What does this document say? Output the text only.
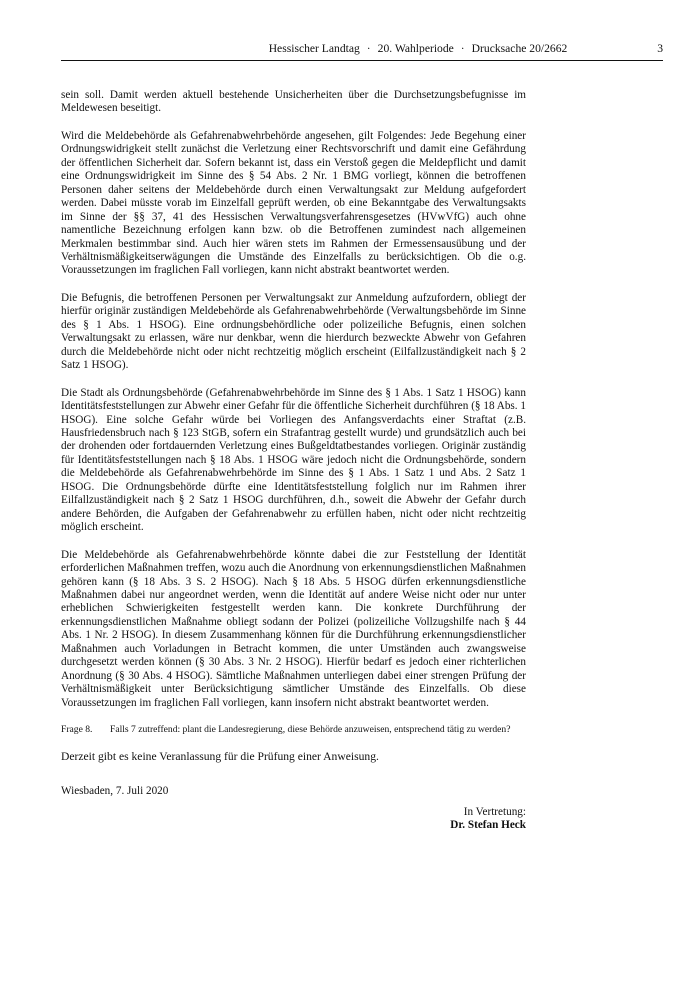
Hessischer Landtag · 20. Wahlperiode · Drucksache 20/2662	3

sein soll. Damit werden aktuell bestehende Unsicherheiten über die Durchsetzungsbefugnisse im Meldewesen beseitigt.

Wird die Meldebehörde als Gefahrenabwehrbehörde angesehen, gilt Folgendes: Jede Begehung einer Ordnungswidrigkeit stellt zunächst die Verletzung einer Rechtsvorschrift und damit eine Gefährdung der öffentlichen Sicherheit dar. Sofern bekannt ist, dass ein Verstoß gegen die Meldepflicht und damit eine Ordnungswidrigkeit im Sinne des § 54 Abs. 2 Nr. 1 BMG vorliegt, können die betroffenen Personen daher seitens der Meldebehörde durch einen Verwaltungsakt zur Meldung aufgefordert werden. Dabei müsste vorab im Einzelfall geprüft werden, ob eine Bekanntgabe des Verwaltungsakts im Sinne der §§ 37, 41 des Hessischen Verwaltungsverfahrensgesetzes (HVwVfG) auch ohne namentliche Bezeichnung erfolgen kann bzw. ob die Betroffenen zumindest nach allgemeinen Merkmalen bestimmbar sind. Auch hier wären stets im Rahmen der Ermessensausübung und der Verhältnismäßigkeitserwägungen die Umstände des Einzelfalls zu berücksichtigen. Ob die o.g. Voraussetzungen im fraglichen Fall vorliegen, kann nicht abstrakt beantwortet werden.

Die Befugnis, die betroffenen Personen per Verwaltungsakt zur Anmeldung aufzufordern, obliegt der hierfür originär zuständigen Meldebehörde als Gefahrenabwehrbehörde (Verwaltungsbehörde im Sinne des § 1 Abs. 1 HSOG). Eine ordnungsbehördliche oder polizeiliche Befugnis, einen solchen Verwaltungsakt zu erlassen, wäre nur denkbar, wenn die hierdurch bezweckte Abwehr von Gefahren durch die Meldebehörde nicht oder nicht rechtzeitig möglich erscheint (Eilfallzuständigkeit nach § 2 Satz 1 HSOG).

Die Stadt als Ordnungsbehörde (Gefahrenabwehrbehörde im Sinne des § 1 Abs. 1 Satz 1 HSOG) kann Identitätsfeststellungen zur Abwehr einer Gefahr für die öffentliche Sicherheit durchführen (§ 18 Abs. 1 HSOG). Eine solche Gefahr würde bei Vorliegen des Anfangsverdachts einer Straftat (z.B. Hausfriedensbruch nach § 123 StGB, sofern ein Strafantrag gestellt wurde) und grundsätzlich auch bei der drohenden oder fortdauernden Verletzung eines Bußgeldtatbestandes vorliegen. Originär zuständig für Identitätsfeststellungen nach § 18 Abs. 1 HSOG wäre jedoch nicht die Ordnungsbehörde, sondern die Meldebehörde als Gefahrenabwehrbehörde im Sinne des § 1 Abs. 1 Satz 1 und Abs. 2 Satz 1 HSOG. Die Ordnungsbehörde dürfte eine Identitätsfeststellung folglich nur im Rahmen ihrer Eilfallzuständigkeit nach § 2 Satz 1 HSOG durchführen, d.h., soweit die Abwehr der Gefahr durch andere Behörden, die Aufgaben der Gefahrenabwehr zu erfüllen haben, nicht oder nicht rechtzeitig möglich erscheint.

Die Meldebehörde als Gefahrenabwehrbehörde könnte dabei die zur Feststellung der Identität erforderlichen Maßnahmen treffen, wozu auch die Anordnung von erkennungsdienstlichen Maßnahmen gehören kann (§ 18 Abs. 3 S. 2 HSOG). Nach § 18 Abs. 5 HSOG dürfen erkennungsdienstliche Maßnahmen dabei nur angeordnet werden, wenn die Identität auf andere Weise nicht oder nur unter erheblichen Schwierigkeiten festgestellt werden kann. Die konkrete Durchführung der erkennungsdienstlichen Maßnahme obliegt sodann der Polizei (polizeiliche Vollzugshilfe nach § 44 Abs. 1 Nr. 2 HSOG). In diesem Zusammenhang können für die Durchführung erkennungsdienstlicher Maßnahmen auch Vorladungen in Betracht kommen, die unter Umständen auch zwangsweise durchgesetzt werden können (§ 30 Abs. 3 Nr. 2 HSOG). Hierfür bedarf es jedoch einer richterlichen Anordnung (§ 30 Abs. 4 HSOG). Sämtliche Maßnahmen unterliegen dabei einer strengen Prüfung der Verhältnismäßigkeit unter Berücksichtigung sämtlicher Umstände des Einzelfalls. Ob diese Voraussetzungen im fraglichen Fall vorliegen, kann insofern nicht abstrakt beantwortet werden.

Frage 8.	Falls 7 zutreffend: plant die Landesregierung, diese Behörde anzuweisen, entsprechend tätig zu werden?

Derzeit gibt es keine Veranlassung für die Prüfung einer Anweisung.

Wiesbaden, 7. Juli 2020

In Vertretung:
Dr. Stefan Heck
